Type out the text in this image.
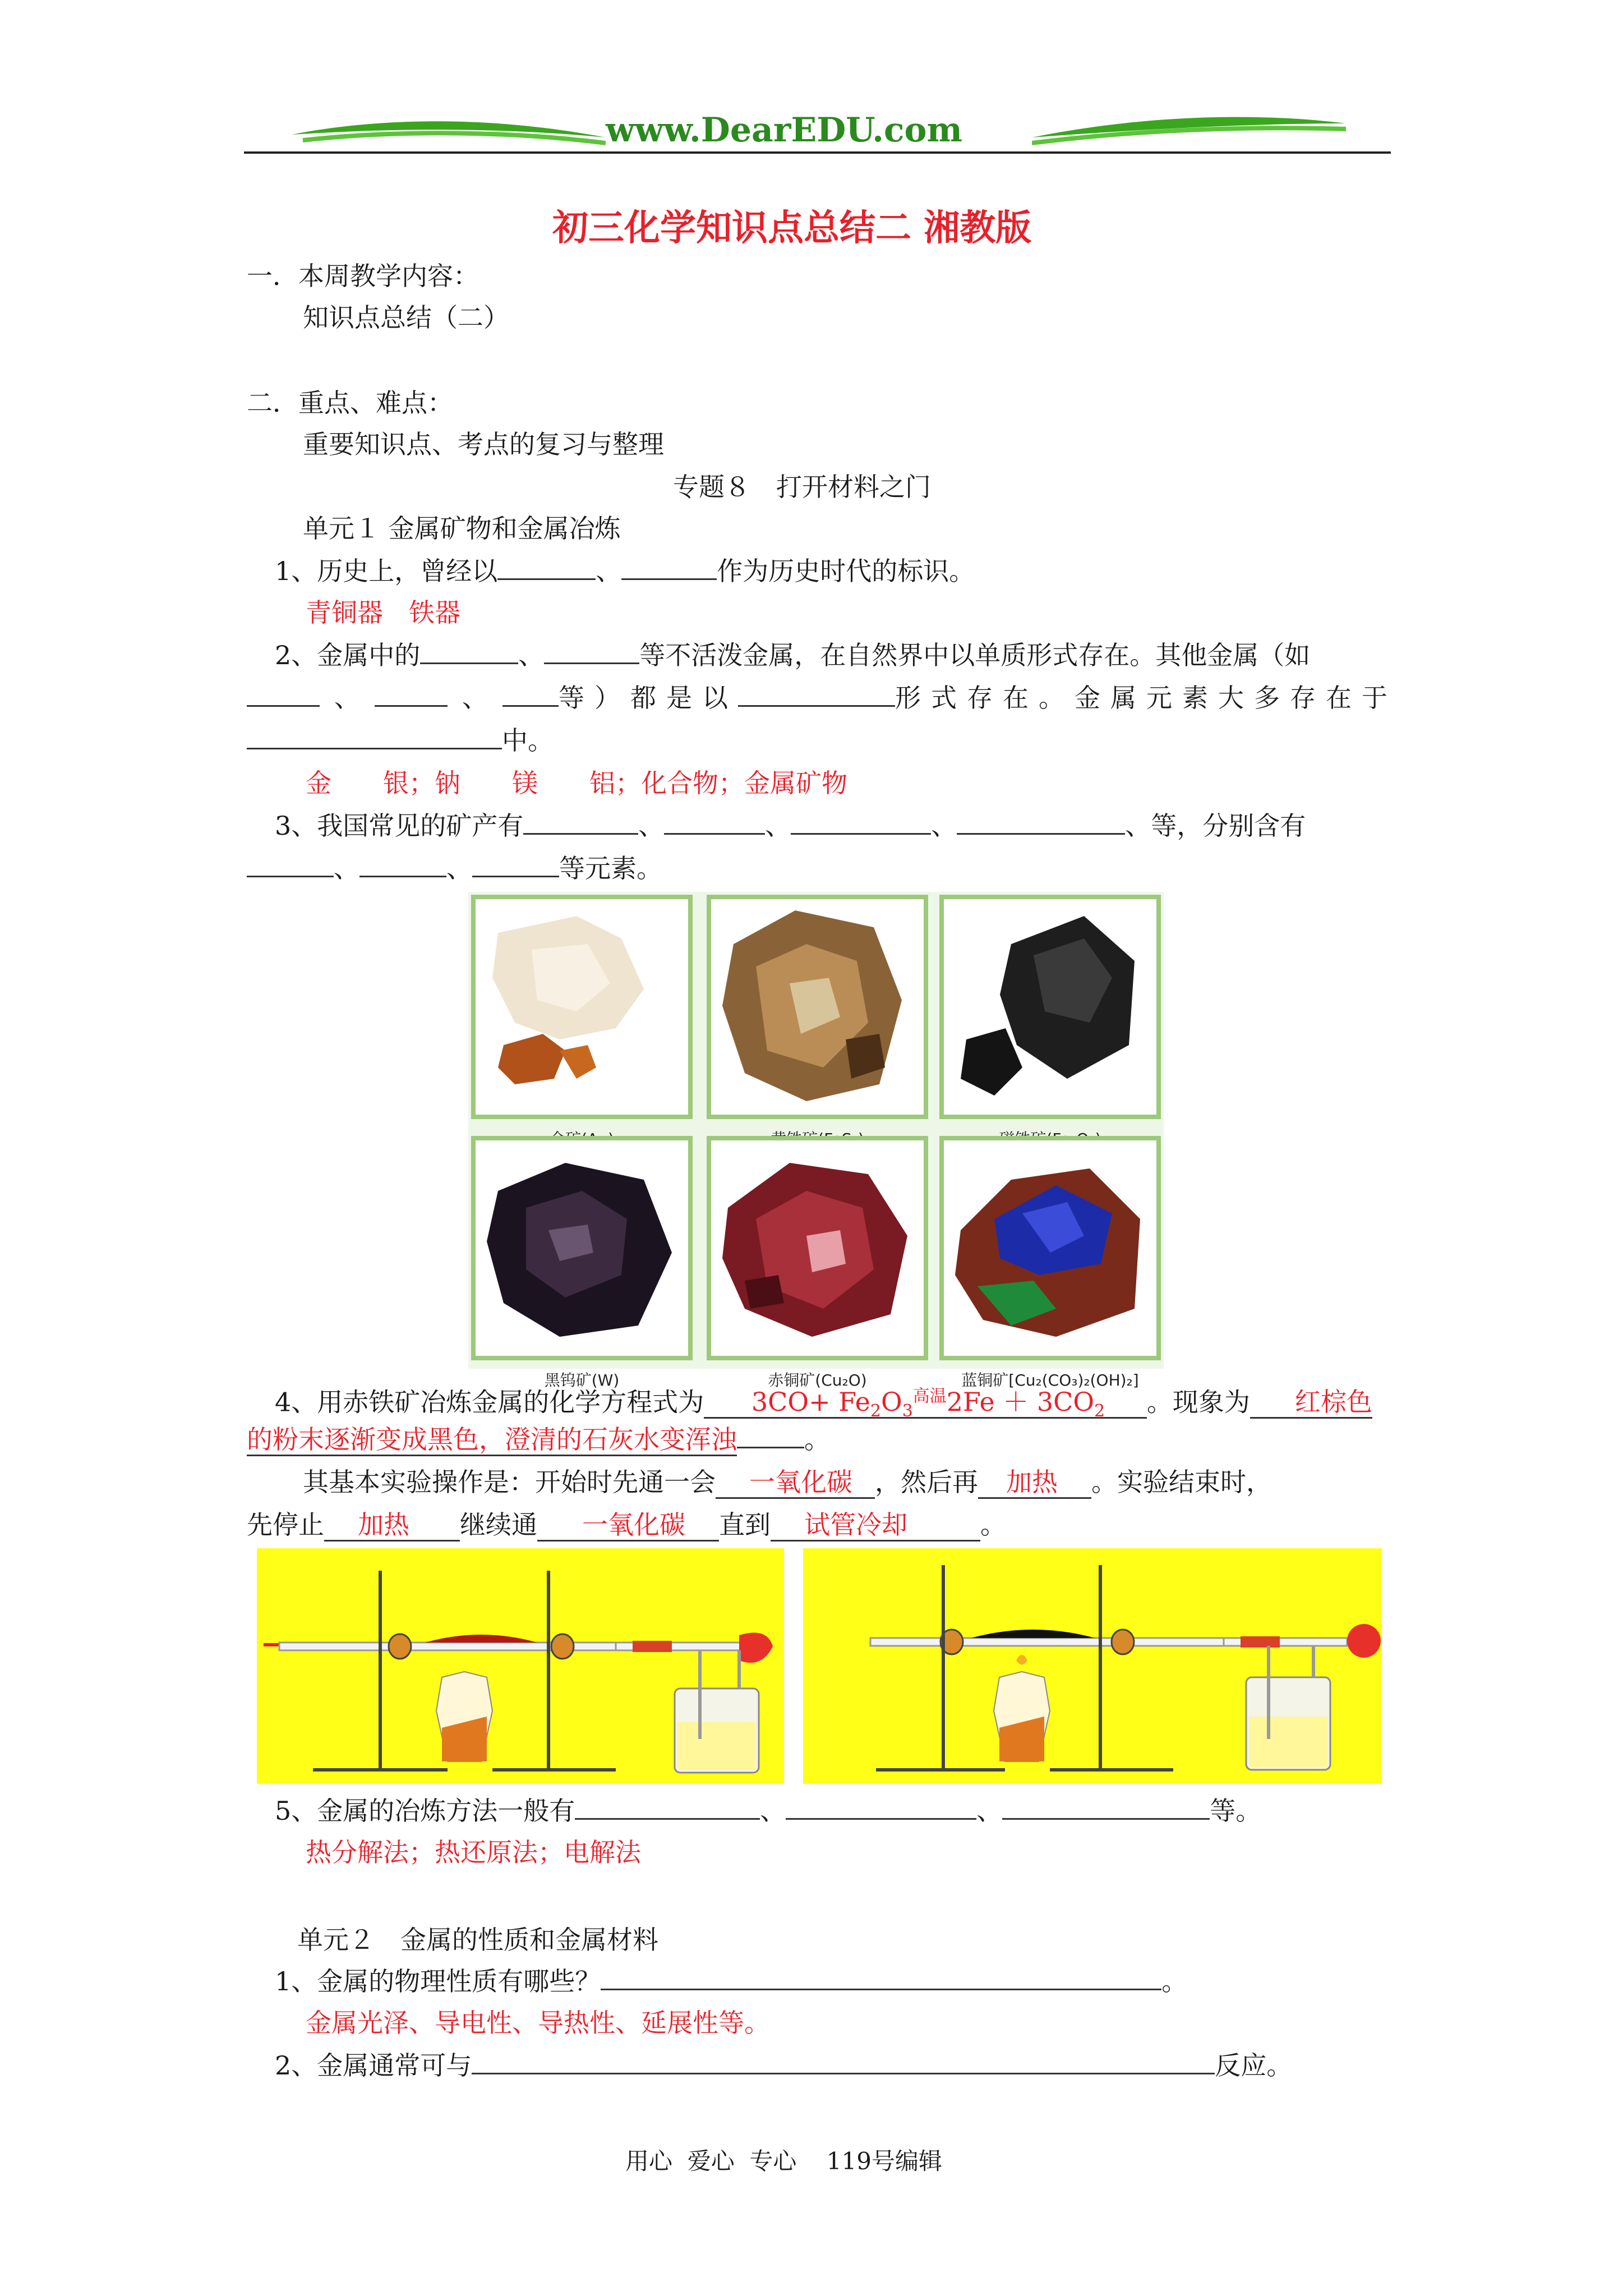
www.DearEDU.com
初三化学知识点总结二 湘教版
一．本周教学内容：
知识点总结（二）
二．重点、难点：
重要知识点、考点的复习与整理
专题８　打开材料之门
单元１ 金属矿物和金属冶炼
1、历史上，曾经以	、	作为历史时代的标识。
青铜器　铁器
2、金属中的	、	等不活泼金属，在自然界中以单质形式存在。其他金属（如
、	、	等）都是以	形式存在。金属元素大多存在于
中。
金　　银；钠　　镁　　铝；化合物；金属矿物
3、我国常见的矿产有	、	、	、	、等，分别含有
、	、	等元素。
黑钨矿(W)	赤铜矿(Cu₂O)	蓝铜矿[Cu₂(CO₃)₂(OH)₂]
4、用赤铁矿冶炼金属的化学方程式为 $3CO+ Fe_2O_3^{高温}2Fe + 3CO_2$ 。现象为 红棕色
的粉末逐渐变成黑色，澄清的石灰水变浑浊	。
其基本实验操作是：开始时先通一会 一氧化碳 ，然后再 加热 。实验结束时，
先停止 加热 继续通 一氧化碳 直到 试管冷却	。
5、金属的冶炼方法一般有	、	、	等。
热分解法；热还原法；电解法
单元２　金属的性质和金属材料
1、金属的物理性质有哪些？	。
金属光泽、导电性、导热性、延展性等。
2、金属通常可与	反应。
用心  爱心  专心    119号编辑
